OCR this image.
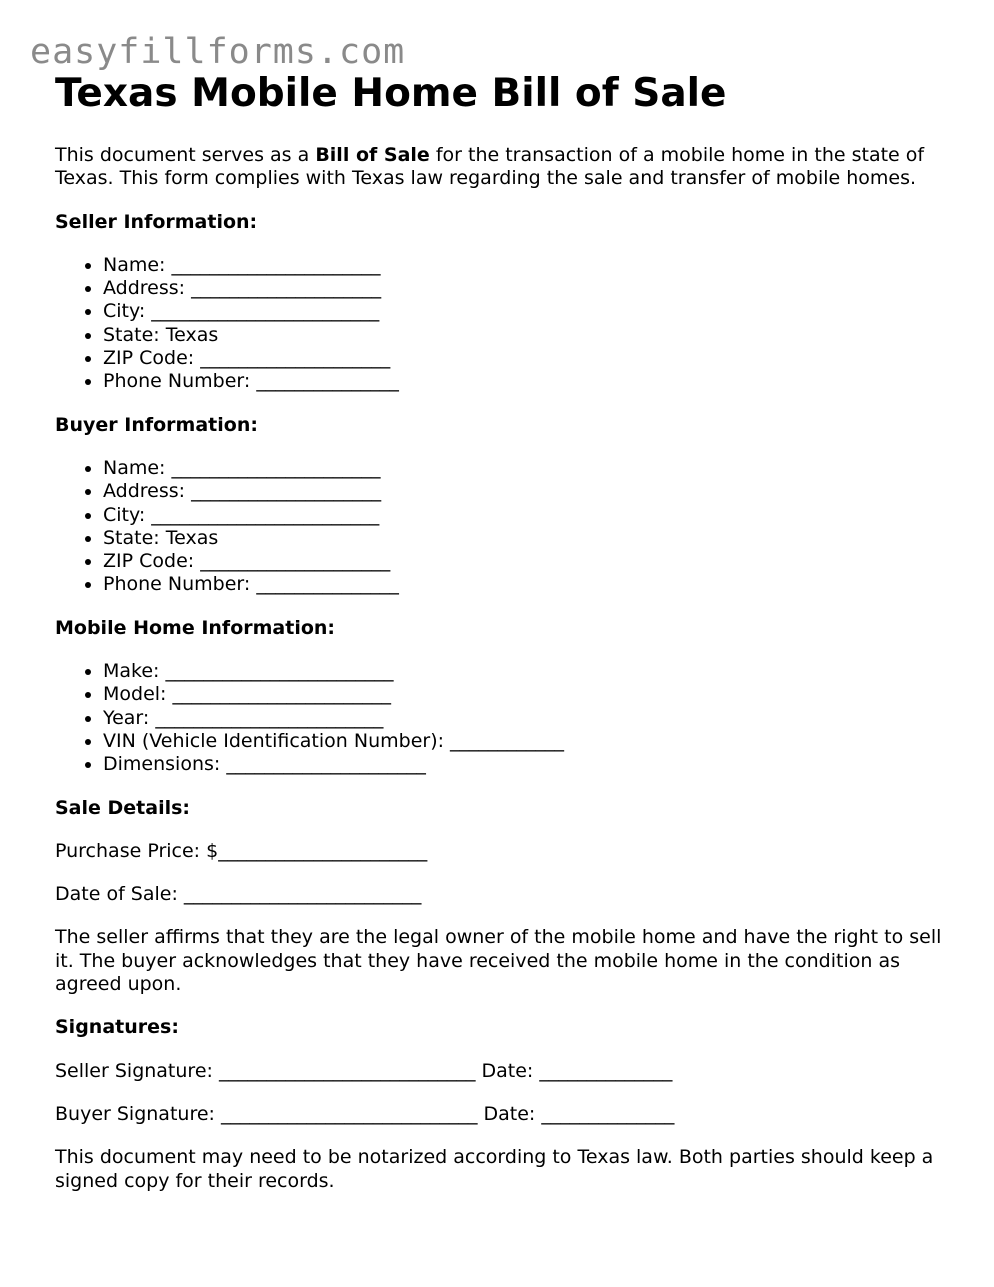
easyfillforms.com
Texas Mobile Home Bill of Sale

This document serves as a Bill of Sale for the transaction of a mobile home in the state of Texas. This form complies with Texas law regarding the sale and transfer of mobile homes.

Seller Information:
• Name: ______________________
• Address: ____________________
• City: ________________________
• State: Texas
• ZIP Code: ____________________
• Phone Number: _______________
Buyer Information:
• Name: ______________________
• Address: ____________________
• City: ________________________
• State: Texas
• ZIP Code: ____________________
• Phone Number: _______________
Mobile Home Information:
• Make: ________________________
• Model: _______________________
• Year: ________________________
• VIN (Vehicle Identification Number): ____________
• Dimensions: _____________________
Sale Details:

Purchase Price: $______________________

Date of Sale: _________________________

The seller affirms that they are the legal owner of the mobile home and have the right to sell it. The buyer acknowledges that they have received the mobile home in the condition as agreed upon.

Signatures:

Seller Signature: ___________________________ Date: ______________

Buyer Signature: ___________________________ Date: ______________

This document may need to be notarized according to Texas law. Both parties should keep a signed copy for their records.
